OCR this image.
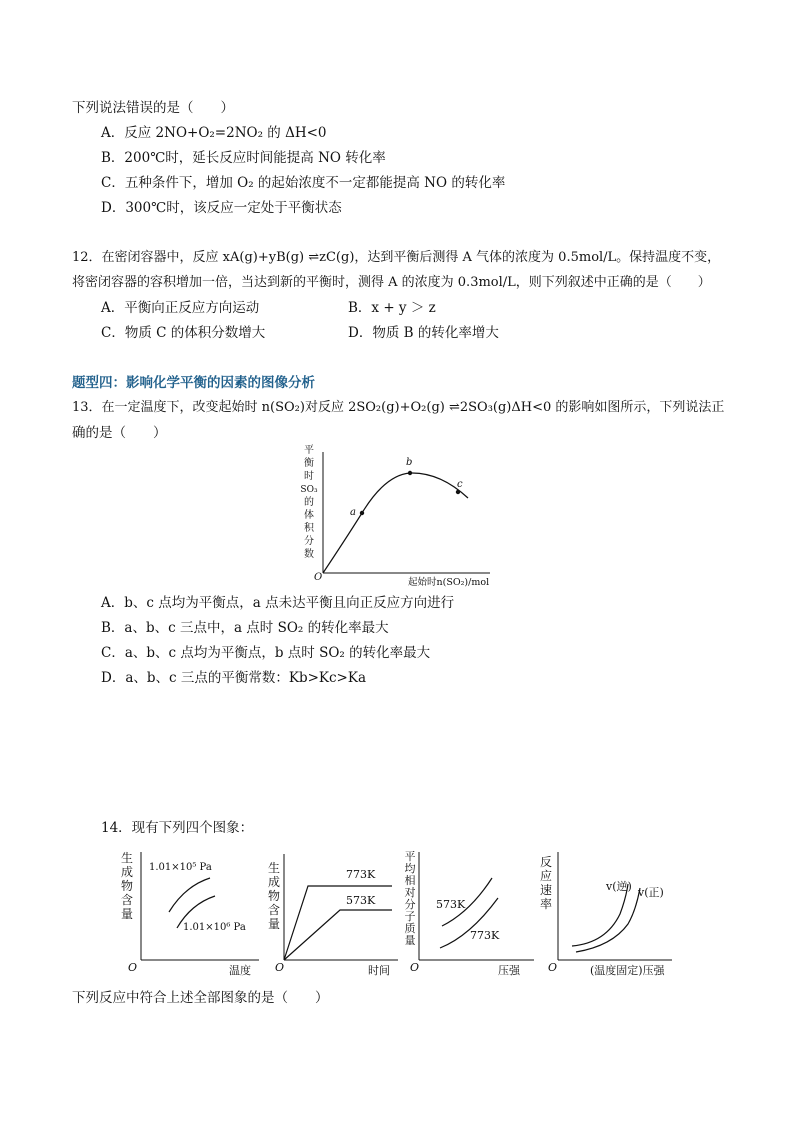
下列说法错误的是（　　）
A．反应 2NO+O₂=2NO₂ 的 ΔH<0
B．200℃时，延长反应时间能提高 NO 转化率
C．五种条件下，增加 O₂ 的起始浓度不一定都能提高 NO 的转化率
D．300℃时，该反应一定处于平衡状态
12．在密闭容器中，反应 xA(g)+yB(g) ⇌zC(g)，达到平衡后测得 A 气体的浓度为 0.5mol/L。保持温度不变，
将密闭容器的容积增加一倍，当达到新的平衡时，测得 A 的浓度为 0.3mol/L，则下列叙述中正确的是（　　）
A．平衡向正反应方向运动	B．x + y ＞ z
C．物质 C 的体积分数增大	D．物质 B 的转化率增大
题型四：影响化学平衡的因素的图像分析
13．在一定温度下，改变起始时 n(SO₂)对反应 2SO₂(g)+O₂(g) ⇌2SO₃(g)ΔH<0 的影响如图所示，下列说法正
确的是（　　）
平
衡
时
SO₃
的
体
积
分
数
O
a
b
c
起始时n(SO₂)/mol
A．b、c 点均为平衡点，a 点未达平衡且向正反应方向进行
B．a、b、c 三点中，a 点时 SO₂ 的转化率最大
C．a、b、c 点均为平衡点，b 点时 SO₂ 的转化率最大
D．a、b、c 三点的平衡常数：Kb>Kc>Ka
14．现有下列四个图象：
生
成
物
含
量
O
1.01×10⁵ Pa
1.01×10⁶ Pa
温度
生
成
物
含
量
O
773K
573K
时间
平
均
相
对
分
子
质
量
O
573K
773K
压强
反
应
速
率
O
v(逆) v(正)
(温度固定)压强
下列反应中符合上述全部图象的是（　　）
